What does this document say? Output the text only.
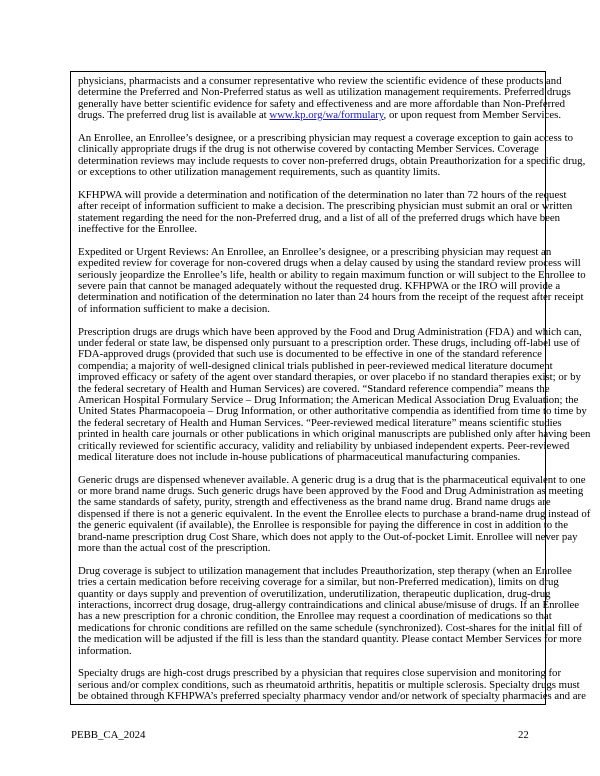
physicians, pharmacists and a consumer representative who review the scientific evidence of these products and
determine the Preferred and Non-Preferred status as well as utilization management requirements. Preferred drugs
generally have better scientific evidence for safety and effectiveness and are more affordable than Non-Preferred
drugs. The preferred drug list is available at www.kp.org/wa/formulary, or upon request from Member Services.
An Enrollee, an Enrollee’s designee, or a prescribing physician may request a coverage exception to gain access to
clinically appropriate drugs if the drug is not otherwise covered by contacting Member Services. Coverage
determination reviews may include requests to cover non-preferred drugs, obtain Preauthorization for a specific drug,
or exceptions to other utilization management requirements, such as quantity limits.
KFHPWA will provide a determination and notification of the determination no later than 72 hours of the request
after receipt of information sufficient to make a decision. The prescribing physician must submit an oral or written
statement regarding the need for the non-Preferred drug, and a list of all of the preferred drugs which have been
ineffective for the Enrollee.
Expedited or Urgent Reviews: An Enrollee, an Enrollee’s designee, or a prescribing physician may request an
expedited review for coverage for non-covered drugs when a delay caused by using the standard review process will
seriously jeopardize the Enrollee’s life, health or ability to regain maximum function or will subject to the Enrollee to
severe pain that cannot be managed adequately without the requested drug. KFHPWA or the IRO will provide a
determination and notification of the determination no later than 24 hours from the receipt of the request after receipt
of information sufficient to make a decision.
Prescription drugs are drugs which have been approved by the Food and Drug Administration (FDA) and which can,
under federal or state law, be dispensed only pursuant to a prescription order. These drugs, including off-label use of
FDA-approved drugs (provided that such use is documented to be effective in one of the standard reference
compendia; a majority of well-designed clinical trials published in peer-reviewed medical literature document
improved efficacy or safety of the agent over standard therapies, or over placebo if no standard therapies exist; or by
the federal secretary of Health and Human Services) are covered. “Standard reference compendia” means the
American Hospital Formulary Service – Drug Information; the American Medical Association Drug Evaluation; the
United States Pharmacopoeia – Drug Information, or other authoritative compendia as identified from time to time by
the federal secretary of Health and Human Services. “Peer-reviewed medical literature” means scientific studies
printed in health care journals or other publications in which original manuscripts are published only after having been
critically reviewed for scientific accuracy, validity and reliability by unbiased independent experts. Peer-reviewed
medical literature does not include in-house publications of pharmaceutical manufacturing companies.
Generic drugs are dispensed whenever available. A generic drug is a drug that is the pharmaceutical equivalent to one
or more brand name drugs. Such generic drugs have been approved by the Food and Drug Administration as meeting
the same standards of safety, purity, strength and effectiveness as the brand name drug. Brand name drugs are
dispensed if there is not a generic equivalent. In the event the Enrollee elects to purchase a brand-name drug instead of
the generic equivalent (if available), the Enrollee is responsible for paying the difference in cost in addition to the
brand-name prescription drug Cost Share, which does not apply to the Out-of-pocket Limit. Enrollee will never pay
more than the actual cost of the prescription.
Drug coverage is subject to utilization management that includes Preauthorization, step therapy (when an Enrollee
tries a certain medication before receiving coverage for a similar, but non-Preferred medication), limits on drug
quantity or days supply and prevention of overutilization, underutilization, therapeutic duplication, drug-drug
interactions, incorrect drug dosage, drug-allergy contraindications and clinical abuse/misuse of drugs. If an Enrollee
has a new prescription for a chronic condition, the Enrollee may request a coordination of medications so that
medications for chronic conditions are refilled on the same schedule (synchronized). Cost-shares for the initial fill of
the medication will be adjusted if the fill is less than the standard quantity. Please contact Member Services for more
information.
Specialty drugs are high-cost drugs prescribed by a physician that requires close supervision and monitoring for
serious and/or complex conditions, such as rheumatoid arthritis, hepatitis or multiple sclerosis. Specialty drugs must
be obtained through KFHPWA’s preferred specialty pharmacy vendor and/or network of specialty pharmacies and are
PEBB_CA_2024	22
